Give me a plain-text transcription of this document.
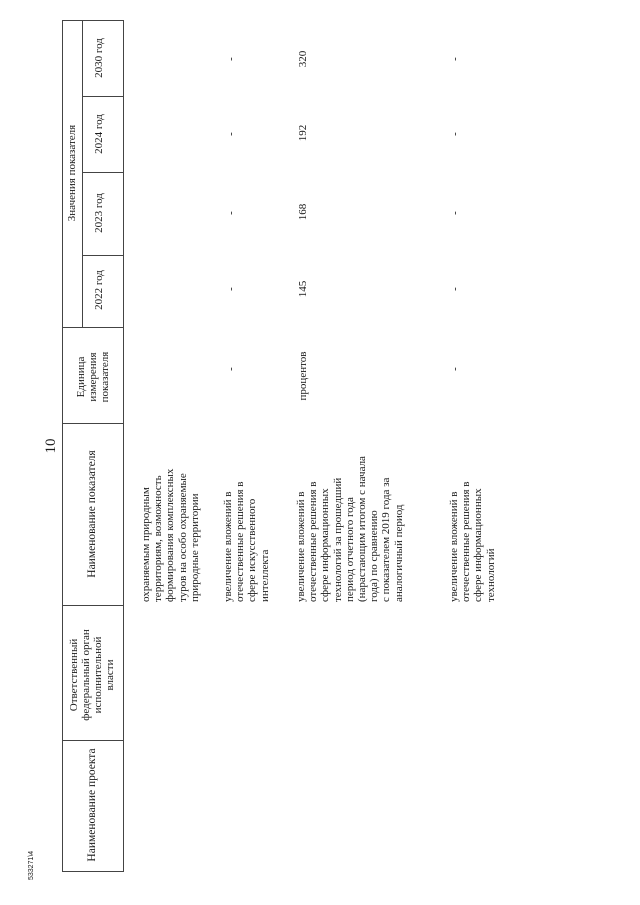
Наименование проекта
Ответственный
федеральный орган
исполнительной
власти
Наименование показателя
Единица
измерения
показателя
Значения показателя
2022 год
2023 год
2024 год
2030 год
охраняемым природным
территориям, возможность
формирования комплексных
туров на особо охраняемые
природные территории
увеличение вложений в
отечественные решения в
сфере искусственного
интеллекта
-
-
-
-
-
увеличение вложений в
отечественные решения в
сфере информационных
технологий за прошедший
период отчетного года
(нарастающим итогом с начала
года) по сравнению
с показателем 2019 года за
аналогичный период
процентов
145
168
192
320
увеличение вложений в
отечественные решения в
сфере информационных
технологий
-
-
-
-
-
10
533271\4
